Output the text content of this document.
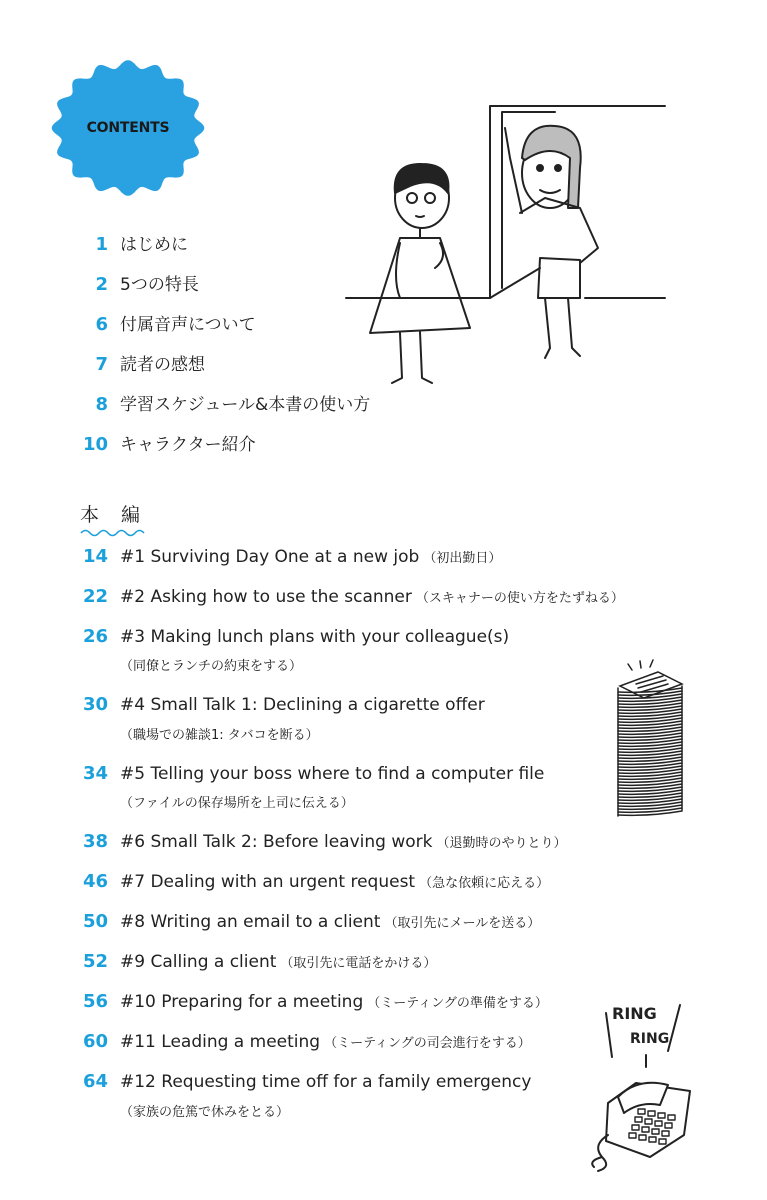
CONTENTS
1 はじめに
2 5つの特長
6 付属音声について
7 読者の感想
8 学習スケジュール&本書の使い方
10 キャラクター紹介
本 編
14 #1 Surviving Day One at a new job （初出勤日）
22 #2 Asking how to use the scanner （スキャナーの使い方をたずねる）
26 #3 Making lunch plans with your colleague(s)
（同僚とランチの約束をする）
30 #4 Small Talk 1: Declining a cigarette offer
（職場での雑談1: タバコを断る）
34 #5 Telling your boss where to find a computer file
（ファイルの保存場所を上司に伝える）
38 #6 Small Talk 2: Before leaving work （退勤時のやりとり）
46 #7 Dealing with an urgent request （急な依頼に応える）
50 #8 Writing an email to a client （取引先にメールを送る）
52 #9 Calling a client （取引先に電話をかける）
56 #10 Preparing for a meeting （ミーティングの準備をする）
60 #11 Leading a meeting （ミーティングの司会進行をする）
64 #12 Requesting time off for a family emergency
（家族の危篤で休みをとる）
RING
RING
